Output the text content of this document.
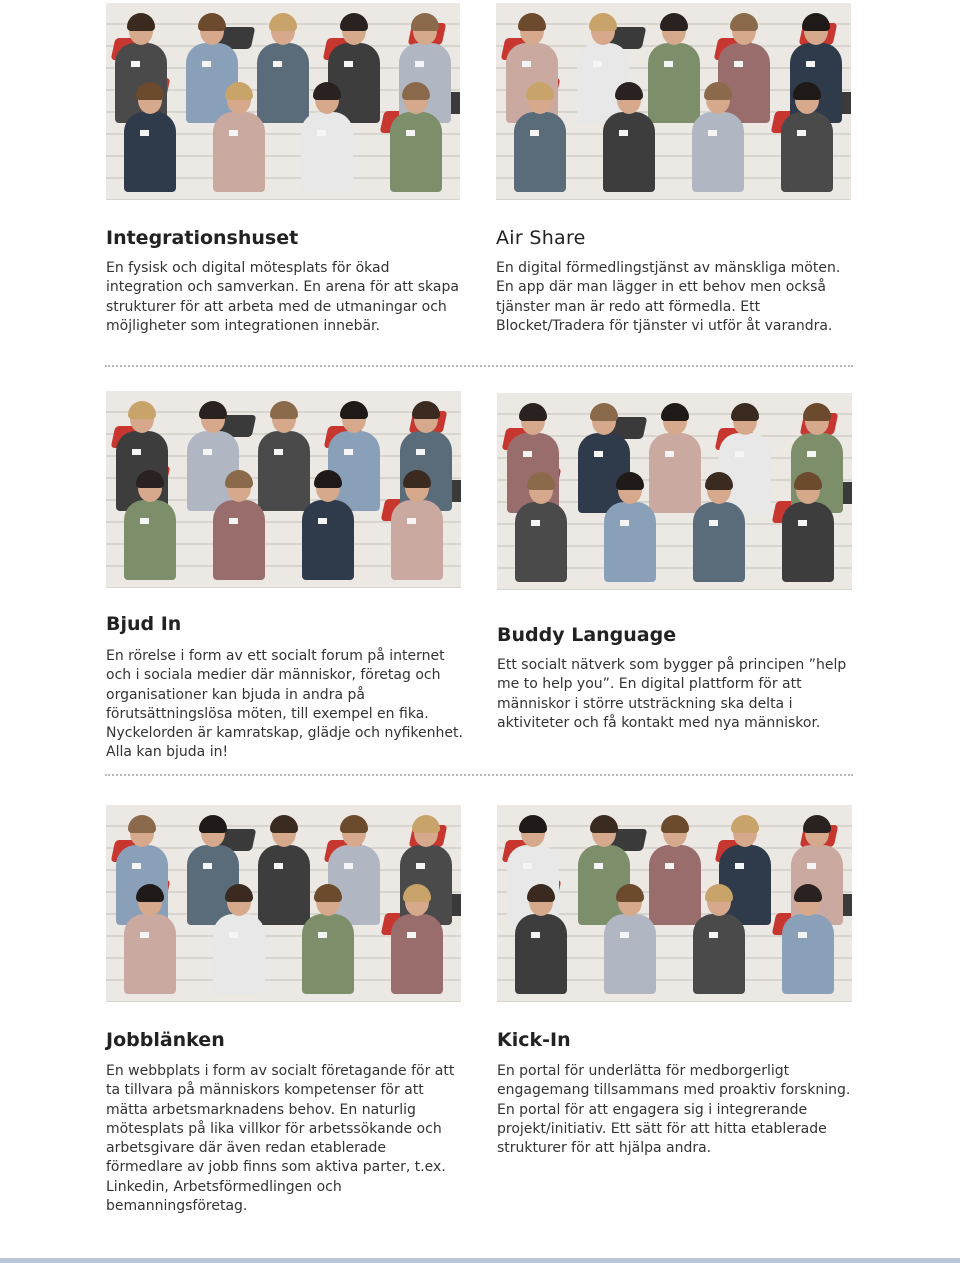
Integrationshuset

En fysisk och digital mötesplats för ökad integration och samverkan. En arena för att skapa strukturer för att arbeta med de utmaningar och möjligheter som integrationen innebär.

Air Share

En digital förmedlingstjänst av mänskliga möten. En app där man lägger in ett behov men också tjänster man är redo att förmedla. Ett Blocket/Tradera för tjänster vi utför åt varandra.

Bjud In

En rörelse i form av ett socialt forum på internet och i sociala medier där människor, företag och organisationer kan bjuda in andra på förutsättningslösa möten, till exempel en fika. Nyckelorden är kamratskap, glädje och nyfikenhet. Alla kan bjuda in!

Buddy Language

Ett socialt nätverk som bygger på principen ”help me to help you”. En digital plattform för att människor i större utsträckning ska delta i aktiviteter och få kontakt med nya människor.

Jobblänken

En webbplats i form av socialt företagande för att ta tillvara på människors kompetenser för att mätta arbetsmarknadens behov. En naturlig mötesplats på lika villkor för arbetssökande och arbetsgivare där även redan etablerade förmedlare av jobb finns som aktiva parter, t.ex. Linkedin, Arbetsförmedlingen och bemanningsföretag.

Kick-In

En portal för underlätta för medborgerligt engagemang tillsammans med proaktiv forskning. En portal för att engagera sig i integrerande projekt/initiativ. Ett sätt för att hitta etablerade strukturer för att hjälpa andra.
